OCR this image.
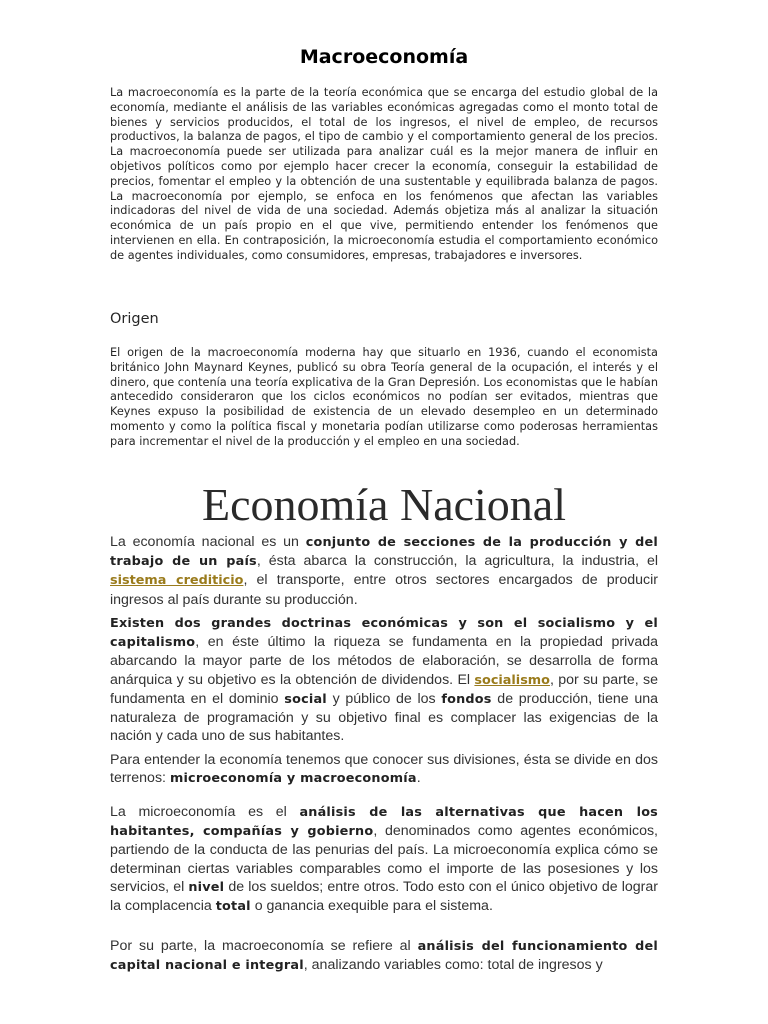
Macroeconomía

La macroeconomía es la parte de la teoría económica que se encarga del estudio global de la economía, mediante el análisis de las variables económicas agregadas como el monto total de bienes y servicios producidos, el total de los ingresos, el nivel de empleo, de recursos productivos, la balanza de pagos, el tipo de cambio y el comportamiento general de los precios. La macroeconomía puede ser utilizada para analizar cuál es la mejor manera de influir en objetivos políticos como por ejemplo hacer crecer la economía, conseguir la estabilidad de precios, fomentar el empleo y la obtención de una sustentable y equilibrada balanza de pagos. La macroeconomía por ejemplo, se enfoca en los fenómenos que afectan las variables indicadoras del nivel de vida de una sociedad. Además objetiza más al analizar la situación económica de un país propio en el que vive, permitiendo entender los fenómenos que intervienen en ella. En contraposición, la microeconomía estudia el comportamiento económico de agentes individuales, como consumidores, empresas, trabajadores e inversores.

Origen

El origen de la macroeconomía moderna hay que situarlo en 1936, cuando el economista británico John Maynard Keynes, publicó su obra Teoría general de la ocupación, el interés y el dinero, que contenía una teoría explicativa de la Gran Depresión. Los economistas que le habían antecedido consideraron que los ciclos económicos no podían ser evitados, mientras que Keynes expuso la posibilidad de existencia de un elevado desempleo en un determinado momento y como la política fiscal y monetaria podían utilizarse como poderosas herramientas para incrementar el nivel de la producción y el empleo en una sociedad.

Economía Nacional

La economía nacional es un conjunto de secciones de la producción y del trabajo de un país, ésta abarca la construcción, la agricultura, la industria, el sistema crediticio, el transporte, entre otros sectores encargados de producir ingresos al país durante su producción.

Existen dos grandes doctrinas económicas y son el socialismo y el capitalismo, en éste último la riqueza se fundamenta en la propiedad privada abarcando la mayor parte de los métodos de elaboración, se desarrolla de forma anárquica y su objetivo es la obtención de dividendos. El socialismo, por su parte, se fundamenta en el dominio social y público de los fondos de producción, tiene una naturaleza de programación y su objetivo final es complacer las exigencias de la nación y cada uno de sus habitantes.

Para entender la economía tenemos que conocer sus divisiones, ésta se divide en dos terrenos: microeconomía y macroeconomía.

La microeconomía es el análisis de las alternativas que hacen los habitantes, compañías y gobierno, denominados como agentes económicos, partiendo de la conducta de las penurias del país. La microeconomía explica cómo se determinan ciertas variables comparables como el importe de las posesiones y los servicios, el nivel de los sueldos; entre otros. Todo esto con el único objetivo de lograr la complacencia total o ganancia exequible para el sistema.

Por su parte, la macroeconomía se refiere al análisis del funcionamiento del capital nacional e integral, analizando variables como: total de ingresos y
